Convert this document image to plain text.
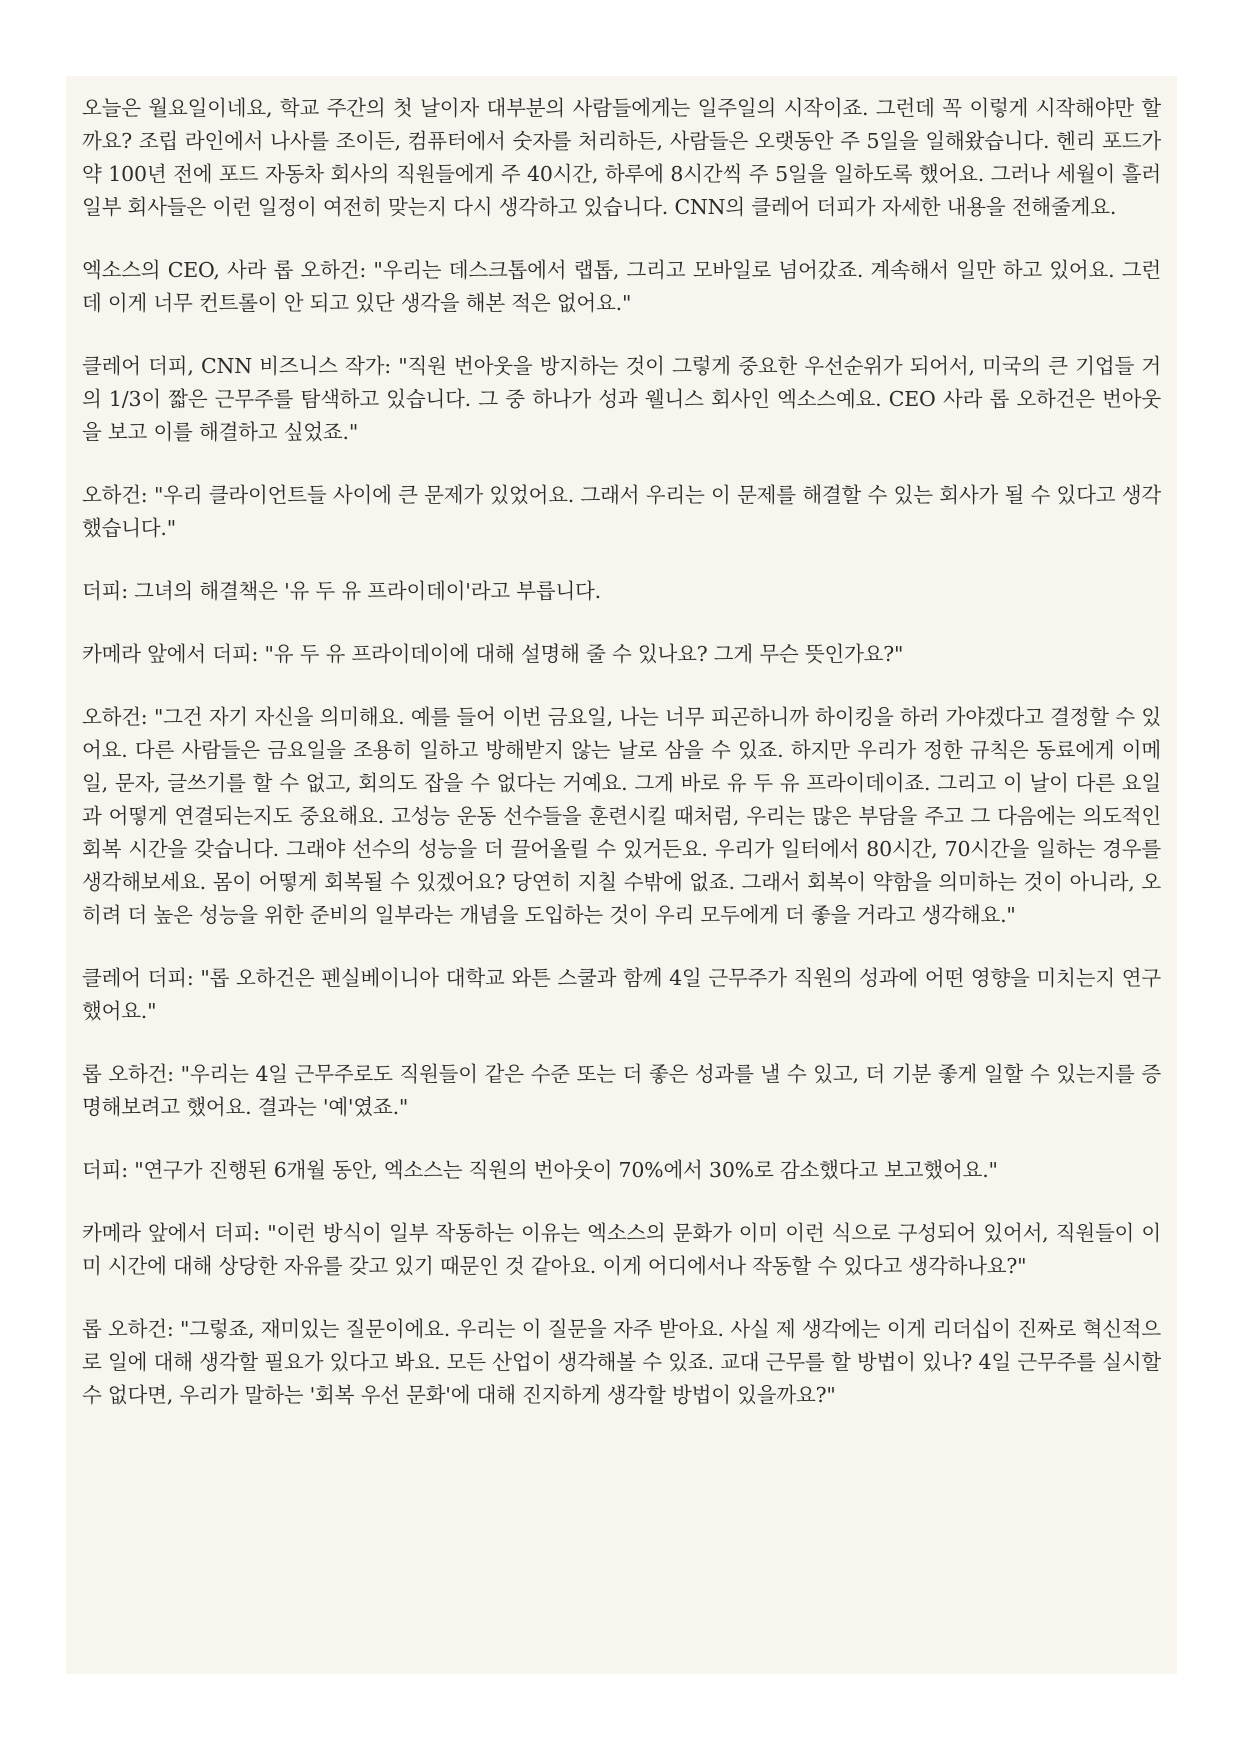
오늘은 월요일이네요, 학교 주간의 첫 날이자 대부분의 사람들에게는 일주일의 시작이죠. 그런데 꼭 이렇게 시작해야만 할까요? 조립 라인에서 나사를 조이든, 컴퓨터에서 숫자를 처리하든, 사람들은 오랫동안 주 5일을 일해왔습니다. 헨리 포드가 약 100년 전에 포드 자동차 회사의 직원들에게 주 40시간, 하루에 8시간씩 주 5일을 일하도록 했어요. 그러나 세월이 흘러 일부 회사들은 이런 일정이 여전히 맞는지 다시 생각하고 있습니다. CNN의 클레어 더피가 자세한 내용을 전해줄게요.

엑소스의 CEO, 사라 롭 오하건: "우리는 데스크톱에서 랩톱, 그리고 모바일로 넘어갔죠. 계속해서 일만 하고 있어요. 그런데 이게 너무 컨트롤이 안 되고 있단 생각을 해본 적은 없어요."

클레어 더피, CNN 비즈니스 작가: "직원 번아웃을 방지하는 것이 그렇게 중요한 우선순위가 되어서, 미국의 큰 기업들 거의 1/3이 짧은 근무주를 탐색하고 있습니다. 그 중 하나가 성과 웰니스 회사인 엑소스예요. CEO 사라 롭 오하건은 번아웃을 보고 이를 해결하고 싶었죠."

오하건: "우리 클라이언트들 사이에 큰 문제가 있었어요. 그래서 우리는 이 문제를 해결할 수 있는 회사가 될 수 있다고 생각했습니다."

더피: 그녀의 해결책은 '유 두 유 프라이데이'라고 부릅니다.

카메라 앞에서 더피: "유 두 유 프라이데이에 대해 설명해 줄 수 있나요? 그게 무슨 뜻인가요?"

오하건: "그건 자기 자신을 의미해요. 예를 들어 이번 금요일, 나는 너무 피곤하니까 하이킹을 하러 가야겠다고 결정할 수 있어요. 다른 사람들은 금요일을 조용히 일하고 방해받지 않는 날로 삼을 수 있죠. 하지만 우리가 정한 규칙은 동료에게 이메일, 문자, 글쓰기를 할 수 없고, 회의도 잡을 수 없다는 거예요. 그게 바로 유 두 유 프라이데이죠. 그리고 이 날이 다른 요일과 어떻게 연결되는지도 중요해요. 고성능 운동 선수들을 훈련시킬 때처럼, 우리는 많은 부담을 주고 그 다음에는 의도적인 회복 시간을 갖습니다. 그래야 선수의 성능을 더 끌어올릴 수 있거든요. 우리가 일터에서 80시간, 70시간을 일하는 경우를 생각해보세요. 몸이 어떻게 회복될 수 있겠어요? 당연히 지칠 수밖에 없죠. 그래서 회복이 약함을 의미하는 것이 아니라, 오히려 더 높은 성능을 위한 준비의 일부라는 개념을 도입하는 것이 우리 모두에게 더 좋을 거라고 생각해요."

클레어 더피: "롭 오하건은 펜실베이니아 대학교 와튼 스쿨과 함께 4일 근무주가 직원의 성과에 어떤 영향을 미치는지 연구했어요."

롭 오하건: "우리는 4일 근무주로도 직원들이 같은 수준 또는 더 좋은 성과를 낼 수 있고, 더 기분 좋게 일할 수 있는지를 증명해보려고 했어요. 결과는 '예'였죠."

더피: "연구가 진행된 6개월 동안, 엑소스는 직원의 번아웃이 70%에서 30%로 감소했다고 보고했어요."

카메라 앞에서 더피: "이런 방식이 일부 작동하는 이유는 엑소스의 문화가 이미 이런 식으로 구성되어 있어서, 직원들이 이미 시간에 대해 상당한 자유를 갖고 있기 때문인 것 같아요. 이게 어디에서나 작동할 수 있다고 생각하나요?"

롭 오하건: "그렇죠, 재미있는 질문이에요. 우리는 이 질문을 자주 받아요. 사실 제 생각에는 이게 리더십이 진짜로 혁신적으로 일에 대해 생각할 필요가 있다고 봐요. 모든 산업이 생각해볼 수 있죠. 교대 근무를 할 방법이 있나? 4일 근무주를 실시할 수 없다면, 우리가 말하는 '회복 우선 문화'에 대해 진지하게 생각할 방법이 있을까요?"
